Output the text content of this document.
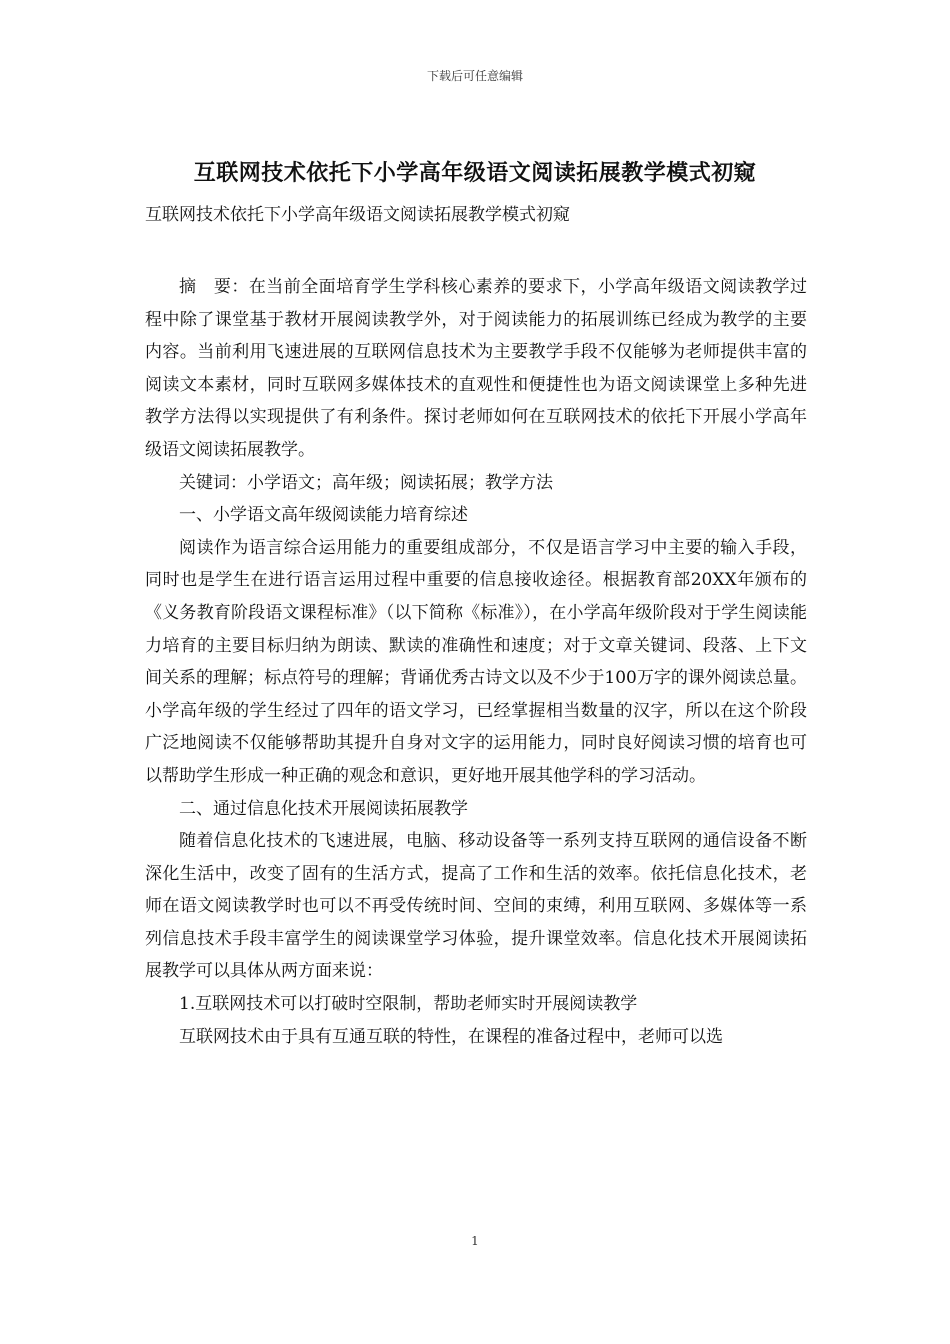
下载后可任意编辑
互联网技术依托下小学高年级语文阅读拓展教学模式初窥
互联网技术依托下小学高年级语文阅读拓展教学模式初窥

摘　要：在当前全面培育学生学科核心素养的要求下，小学高年级语文阅读教学过程中除了课堂基于教材开展阅读教学外，对于阅读能力的拓展训练已经成为教学的主要内容。当前利用飞速进展的互联网信息技术为主要教学手段不仅能够为老师提供丰富的阅读文本素材，同时互联网多媒体技术的直观性和便捷性也为语文阅读课堂上多种先进教学方法得以实现提供了有利条件。探讨老师如何在互联网技术的依托下开展小学高年级语文阅读拓展教学。

关键词：小学语文；高年级；阅读拓展；教学方法

一、小学语文高年级阅读能力培育综述

阅读作为语言综合运用能力的重要组成部分，不仅是语言学习中主要的输入手段，同时也是学生在进行语言运用过程中重要的信息接收途径。根据教育部20XX年颁布的《义务教育阶段语文课程标准》（以下简称《标准》），在小学高年级阶段对于学生阅读能力培育的主要目标归纳为朗读、默读的准确性和速度；对于文章关键词、段落、上下文间关系的理解；标点符号的理解；背诵优秀古诗文以及不少于100万字的课外阅读总量。小学高年级的学生经过了四年的语文学习，已经掌握相当数量的汉字，所以在这个阶段广泛地阅读不仅能够帮助其提升自身对文字的运用能力，同时良好阅读习惯的培育也可以帮助学生形成一种正确的观念和意识，更好地开展其他学科的学习活动。

二、通过信息化技术开展阅读拓展教学

随着信息化技术的飞速进展，电脑、移动设备等一系列支持互联网的通信设备不断深化生活中，改变了固有的生活方式，提高了工作和生活的效率。依托信息化技术，老师在语文阅读教学时也可以不再受传统时间、空间的束缚，利用互联网、多媒体等一系列信息技术手段丰富学生的阅读课堂学习体验，提升课堂效率。信息化技术开展阅读拓展教学可以具体从两方面来说：

1.互联网技术可以打破时空限制，帮助老师实时开展阅读教学

互联网技术由于具有互通互联的特性，在课程的准备过程中，老师可以选

1
